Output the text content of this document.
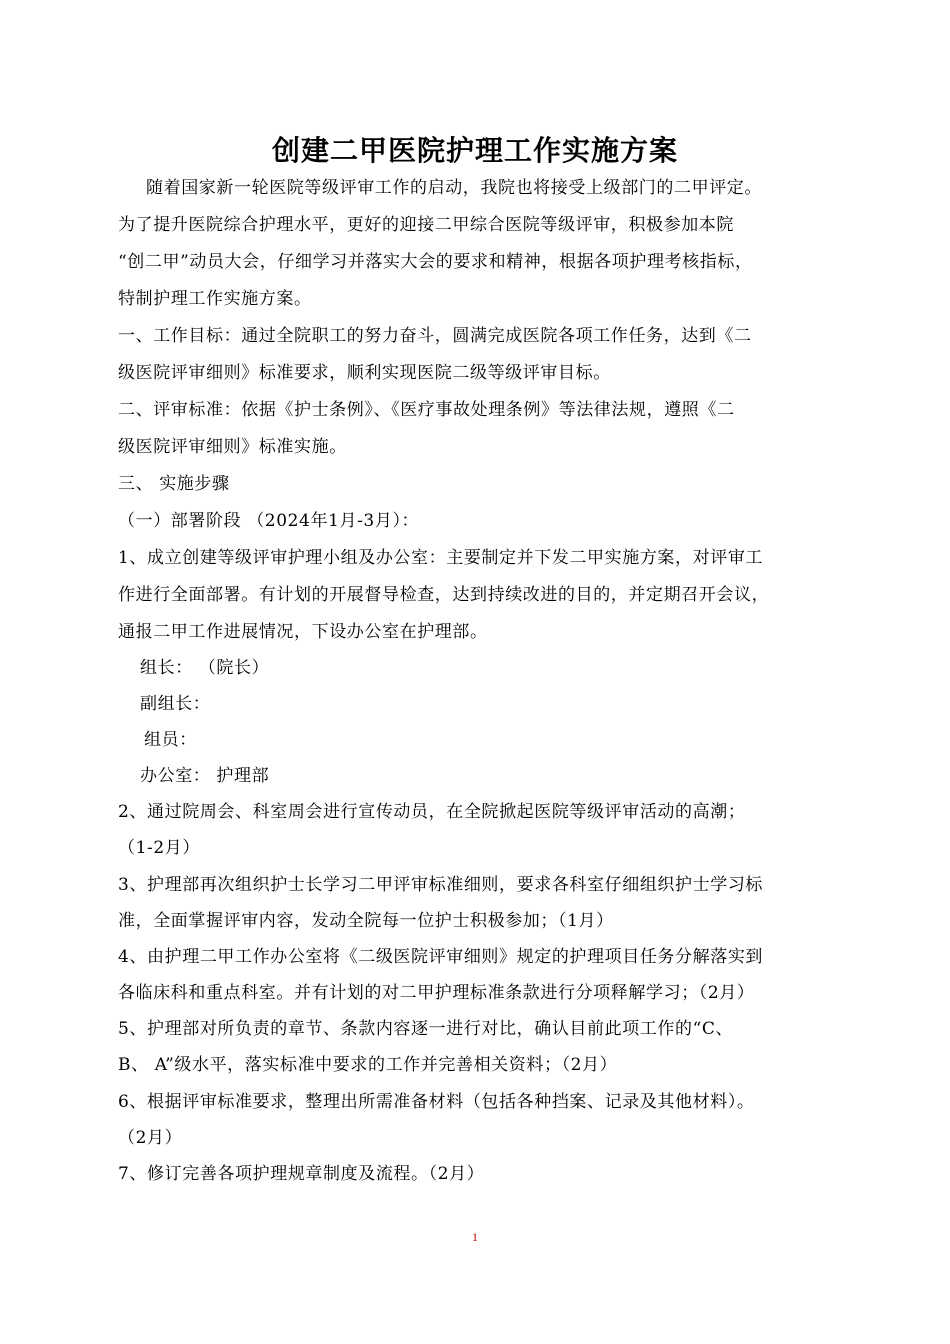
创建二甲医院护理工作实施方案
随着国家新一轮医院等级评审工作的启动，我院也将接受上级部门的二甲评定。
为了提升医院综合护理水平，更好的迎接二甲综合医院等级评审，积极参加本院
“创二甲”动员大会，仔细学习并落实大会的要求和精神，根据各项护理考核指标，
特制护理工作实施方案。
一、工作目标：通过全院职工的努力奋斗，圆满完成医院各项工作任务，达到《二
级医院评审细则》标准要求，顺利实现医院二级等级评审目标。
二、评审标准：依据《护士条例》、《医疗事故处理条例》等法律法规，遵照《二
级医院评审细则》标准实施。
三、 实施步骤
（一）部署阶段 （2024年1月-3月）：
1、成立创建等级评审护理小组及办公室：主要制定并下发二甲实施方案，对评审工
作进行全面部署。有计划的开展督导检查，达到持续改进的目的，并定期召开会议，
通报二甲工作进展情况，下设办公室在护理部。
组长： （院长）
副组长：
组员：
办公室： 护理部
2、通过院周会、科室周会进行宣传动员，在全院掀起医院等级评审活动的高潮；
（1-2月）
3、护理部再次组织护士长学习二甲评审标准细则，要求各科室仔细组织护士学习标
准，全面掌握评审内容，发动全院每一位护士积极参加；（1月）
4、由护理二甲工作办公室将《二级医院评审细则》规定的护理项目任务分解落实到
各临床科和重点科室。并有计划的对二甲护理标准条款进行分项释解学习；（2月）
5、护理部对所负责的章节、条款内容逐一进行对比，确认目前此项工作的“C、
B、 A”级水平，落实标准中要求的工作并完善相关资料；（2月）
6、根据评审标准要求，整理出所需准备材料（包括各种挡案、记录及其他材料）。
（2月）
7、修订完善各项护理规章制度及流程。（2月）
1
